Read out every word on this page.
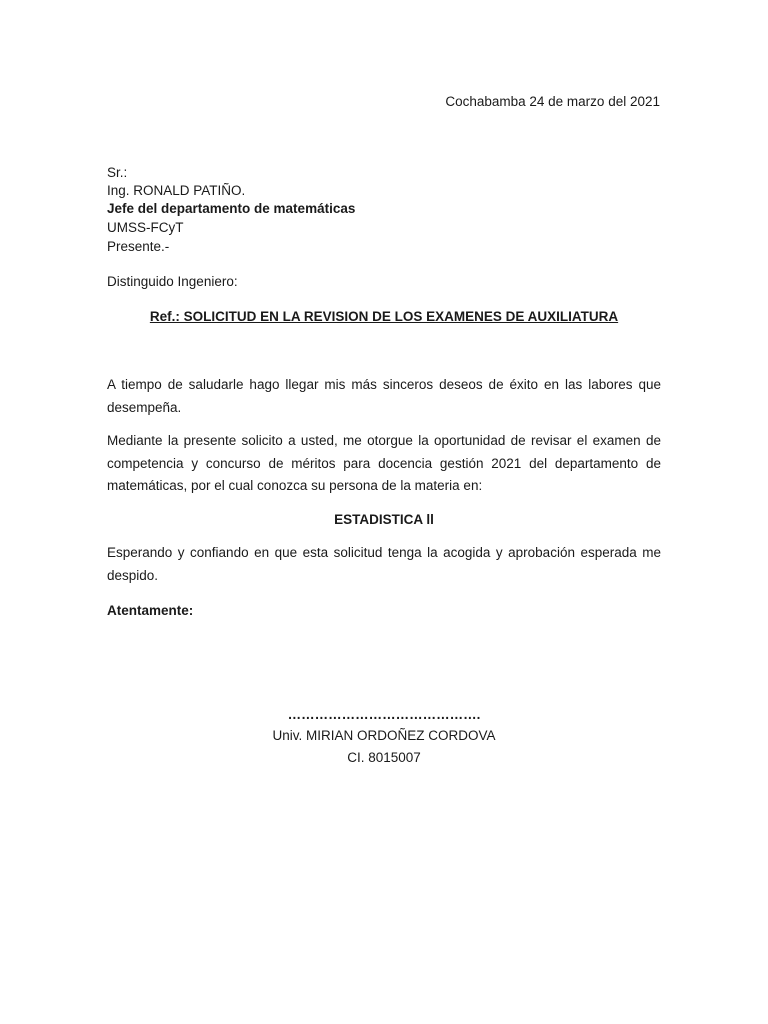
Cochabamba 24 de marzo del 2021
Sr.:
Ing. RONALD PATIÑO.
Jefe del departamento de matemáticas
UMSS-FCyT
Presente.-
Distinguido Ingeniero:
Ref.: SOLICITUD EN LA REVISION DE LOS EXAMENES DE AUXILIATURA

A tiempo de saludarle hago llegar mis más sinceros deseos de éxito en las labores que desempeña.

Mediante la presente solicito a usted, me otorgue la oportunidad de revisar el examen de competencia y concurso de méritos para docencia gestión 2021 del departamento de matemáticas, por el cual conozca su persona de la materia en:

ESTADISTICA ll

Esperando y confiando en que esta solicitud tenga la acogida y aprobación esperada me despido.

Atentamente:
…………………………………….
Univ. MIRIAN ORDOÑEZ CORDOVA
CI. 8015007
